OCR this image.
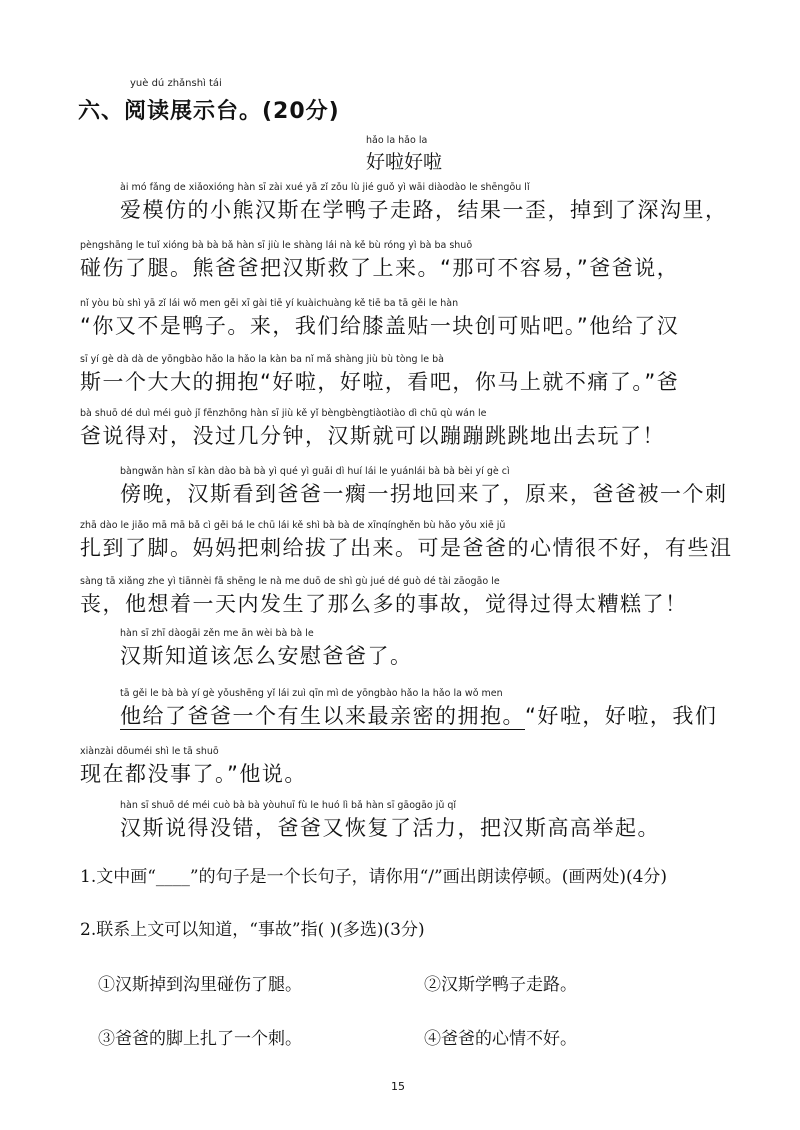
yuè dú zhǎnshì tái
六、阅读展示台。(20分)
hǎo la hǎo la
好啦好啦
ài mó fǎng de xiǎoxióng hàn sī zài xué yā zǐ zǒu lù jié guǒ yì wāi diàodào le shēngōu lǐ
爱模仿的小熊汉斯在学鸭子走路，结果一歪，掉到了深沟里，
pèngshāng le tuǐ xióng bà bà bǎ hàn sī jiù le shàng lái nà kě bù róng yì bà ba shuō
碰伤了腿。熊爸爸把汉斯救了上来。“那可不容易，”爸爸说，
nǐ yòu bù shì yā zǐ lái wǒ men gěi xī gài tiē yí kuàichuàng kě tiē ba tā gěi le hàn
“你又不是鸭子。来，我们给膝盖贴一块创可贴吧。”他给了汉
sī yí gè dà dà de yōngbào hǎo la hǎo la kàn ba nǐ mǎ shàng jiù bù tòng le bà
斯一个大大的拥抱“好啦，好啦，看吧，你马上就不痛了。”爸
bà shuō dé duì méi guò jǐ fēnzhōng hàn sī jiù kě yǐ bèngbèngtiàotiào dì chū qù wán le
爸说得对，没过几分钟，汉斯就可以蹦蹦跳跳地出去玩了！
bàngwǎn hàn sī kàn dào bà bà yì qué yì guǎi dì huí lái le yuánlái bà bà bèi yí gè cì
傍晚，汉斯看到爸爸一瘸一拐地回来了，原来，爸爸被一个刺
zhā dào le jiǎo mā mā bǎ cì gěi bá le chū lái kě shì bà bà de xīnqínghěn bù hǎo yǒu xiē jǔ
扎到了脚。妈妈把刺给拔了出来。可是爸爸的心情很不好，有些沮
sàng tā xiǎng zhe yì tiānnèi fā shēng le nà me duō de shì gù jué dé guò dé tài zāogāo le
丧，他想着一天内发生了那么多的事故，觉得过得太糟糕了！
hàn sī zhī dàogāi zěn me ān wèi bà bà le
汉斯知道该怎么安慰爸爸了。
tā gěi le bà bà yí gè yǒushēng yǐ lái zuì qīn mì de yōngbào hǎo la hǎo la wǒ men
他给了爸爸一个有生以来最亲密的拥抱。“好啦，好啦，我们
xiànzài dōuméi shì le tā shuō
现在都没事了。”他说。
hàn sī shuō dé méi cuò bà bà yòuhuī fù le huó lì bǎ hàn sī gāogāo jǔ qǐ
汉斯说得没错，爸爸又恢复了活力，把汉斯高高举起。
1.文中画“____”的句子是一个长句子，请你用“/”画出朗读停顿。(画两处)(4分)
2.联系上文可以知道，“事故”指( )(多选)(3分)
①汉斯掉到沟里碰伤了腿。	②汉斯学鸭子走路。
③爸爸的脚上扎了一个刺。	④爸爸的心情不好。
15
